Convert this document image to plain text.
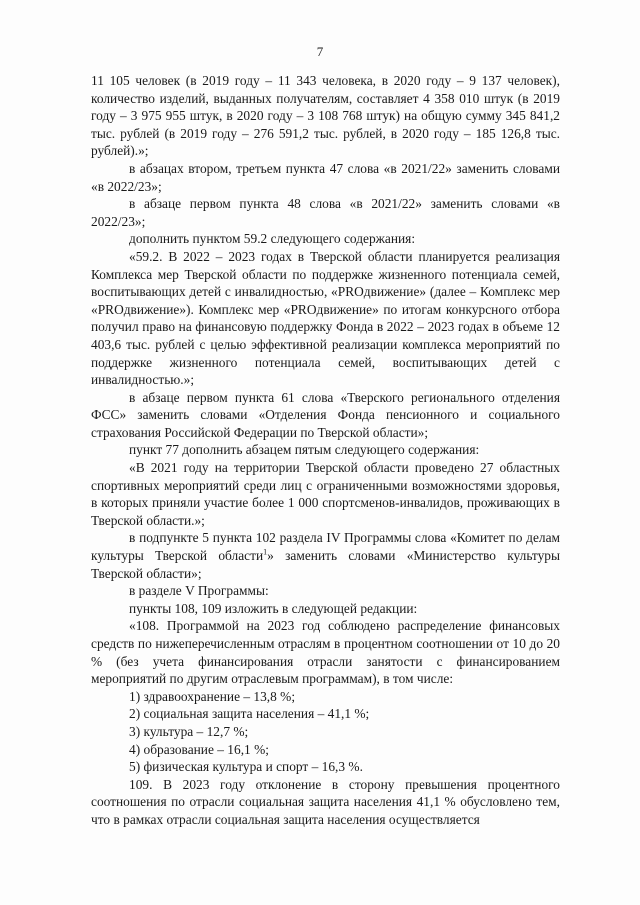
7

11 105 человек (в 2019 году – 11 343 человека, в 2020 году – 9 137 человек), количество изделий, выданных получателям, составляет 4 358 010 штук (в 2019 году – 3 975 955 штук, в 2020 году – 3 108 768 штук) на общую сумму 345 841,2 тыс. рублей (в 2019 году – 276 591,2 тыс. рублей, в 2020 году – 185 126,8 тыс. рублей).»;

в абзацах втором, третьем пункта 47 слова «в 2021/22» заменить словами «в 2022/23»;

в абзаце первом пункта 48 слова «в 2021/22» заменить словами «в 2022/23»;

дополнить пунктом 59.2 следующего содержания:

«59.2. В 2022 – 2023 годах в Тверской области планируется реализация Комплекса мер Тверской области по поддержке жизненного потенциала семей, воспитывающих детей с инвалидностью, «PROдвижение» (далее – Комплекс мер «PROдвижение»). Комплекс мер «PROдвижение» по итогам конкурсного отбора получил право на финансовую поддержку Фонда в 2022 – 2023 годах в объеме 12 403,6 тыс. рублей с целью эффективной реализации комплекса мероприятий по поддержке жизненного потенциала семей, воспитывающих детей с инвалидностью.»;

в абзаце первом пункта 61 слова «Тверского регионального отделения ФСС» заменить словами «Отделения Фонда пенсионного и социального страхования Российской Федерации по Тверской области»;

пункт 77 дополнить абзацем пятым следующего содержания:

«В 2021 году на территории Тверской области проведено 27 областных спортивных мероприятий среди лиц с ограниченными возможностями здоровья, в которых приняли участие более 1 000 спортсменов-инвалидов, проживающих в Тверской области.»;

в подпункте 5 пункта 102 раздела IV Программы слова «Комитет по делам культуры Тверской области$^1$» заменить словами «Министерство культуры Тверской области»;

в разделе V Программы:

пункты 108, 109 изложить в следующей редакции:

«108. Программой на 2023 год соблюдено распределение финансовых средств по нижеперечисленным отраслям в процентном соотношении от 10 до 20 % (без учета финансирования отрасли занятости с финансированием мероприятий по другим отраслевым программам), в том числе:

1) здравоохранение – 13,8 %;

2) социальная защита населения – 41,1 %;

3) культура – 12,7 %;

4) образование – 16,1 %;

5) физическая культура и спорт – 16,3 %.

109. В 2023 году отклонение в сторону превышения процентного соотношения по отрасли социальная защита населения 41,1 % обусловлено тем, что в рамках отрасли социальная защита населения осуществляется
